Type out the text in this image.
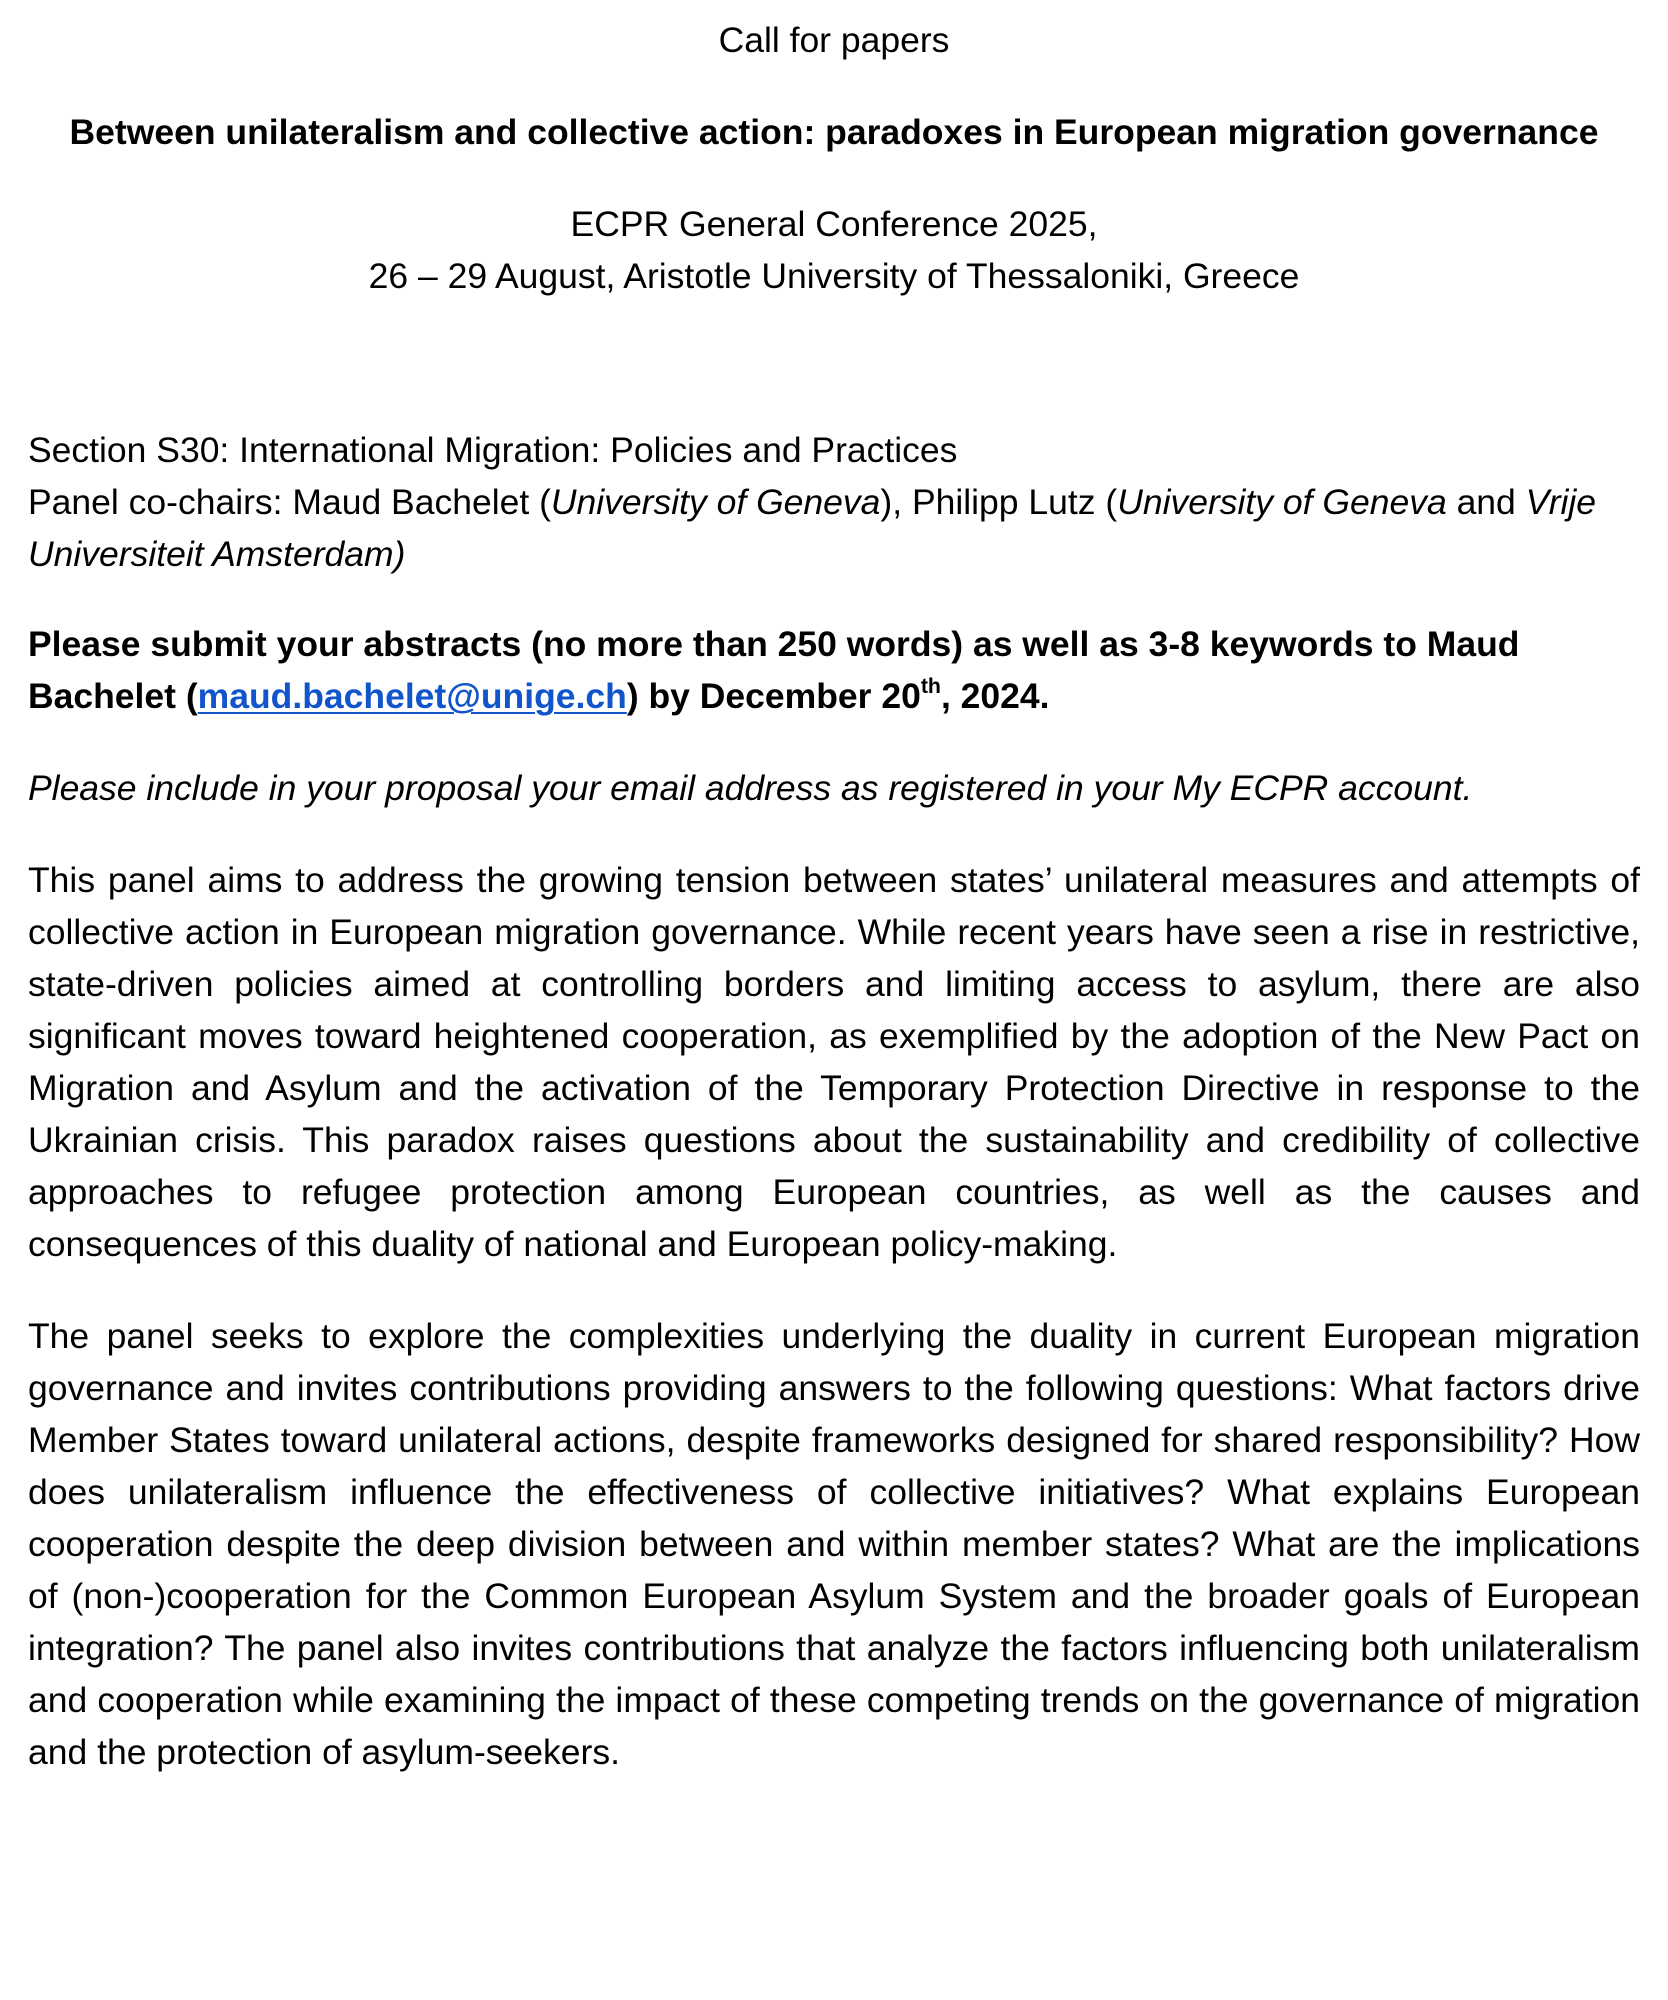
Call for papers

Between unilateralism and collective action: paradoxes in European migration governance
ECPR General Conference 2025,
26 – 29 August, Aristotle University of Thessaloniki, Greece
Section S30: International Migration: Policies and Practices
Panel co-chairs: Maud Bachelet (University of Geneva), Philipp Lutz (University of Geneva and Vrije Universiteit Amsterdam)

Please submit your abstracts (no more than 250 words) as well as 3-8 keywords to Maud Bachelet (maud.bachelet@unige.ch) by December 20th, 2024.

Please include in your proposal your email address as registered in your My ECPR account.

This panel aims to address the growing tension between states’ unilateral measures and attempts of collective action in European migration governance. While recent years have seen a rise in restrictive, state-driven policies aimed at controlling borders and limiting access to asylum, there are also significant moves toward heightened cooperation, as exemplified by the adoption of the New Pact on Migration and Asylum and the activation of the Temporary Protection Directive in response to the Ukrainian crisis. This paradox raises questions about the sustainability and credibility of collective approaches to refugee protection among European countries, as well as the causes and consequences of this duality of national and European policy-making.

The panel seeks to explore the complexities underlying the duality in current European migration governance and invites contributions providing answers to the following questions: What factors drive Member States toward unilateral actions, despite frameworks designed for shared responsibility? How does unilateralism influence the effectiveness of collective initiatives? What explains European cooperation despite the deep division between and within member states? What are the implications of (non-)cooperation for the Common European Asylum System and the broader goals of European integration? The panel also invites contributions that analyze the factors influencing both unilateralism and cooperation while examining the impact of these competing trends on the governance of migration and the protection of asylum-seekers.
